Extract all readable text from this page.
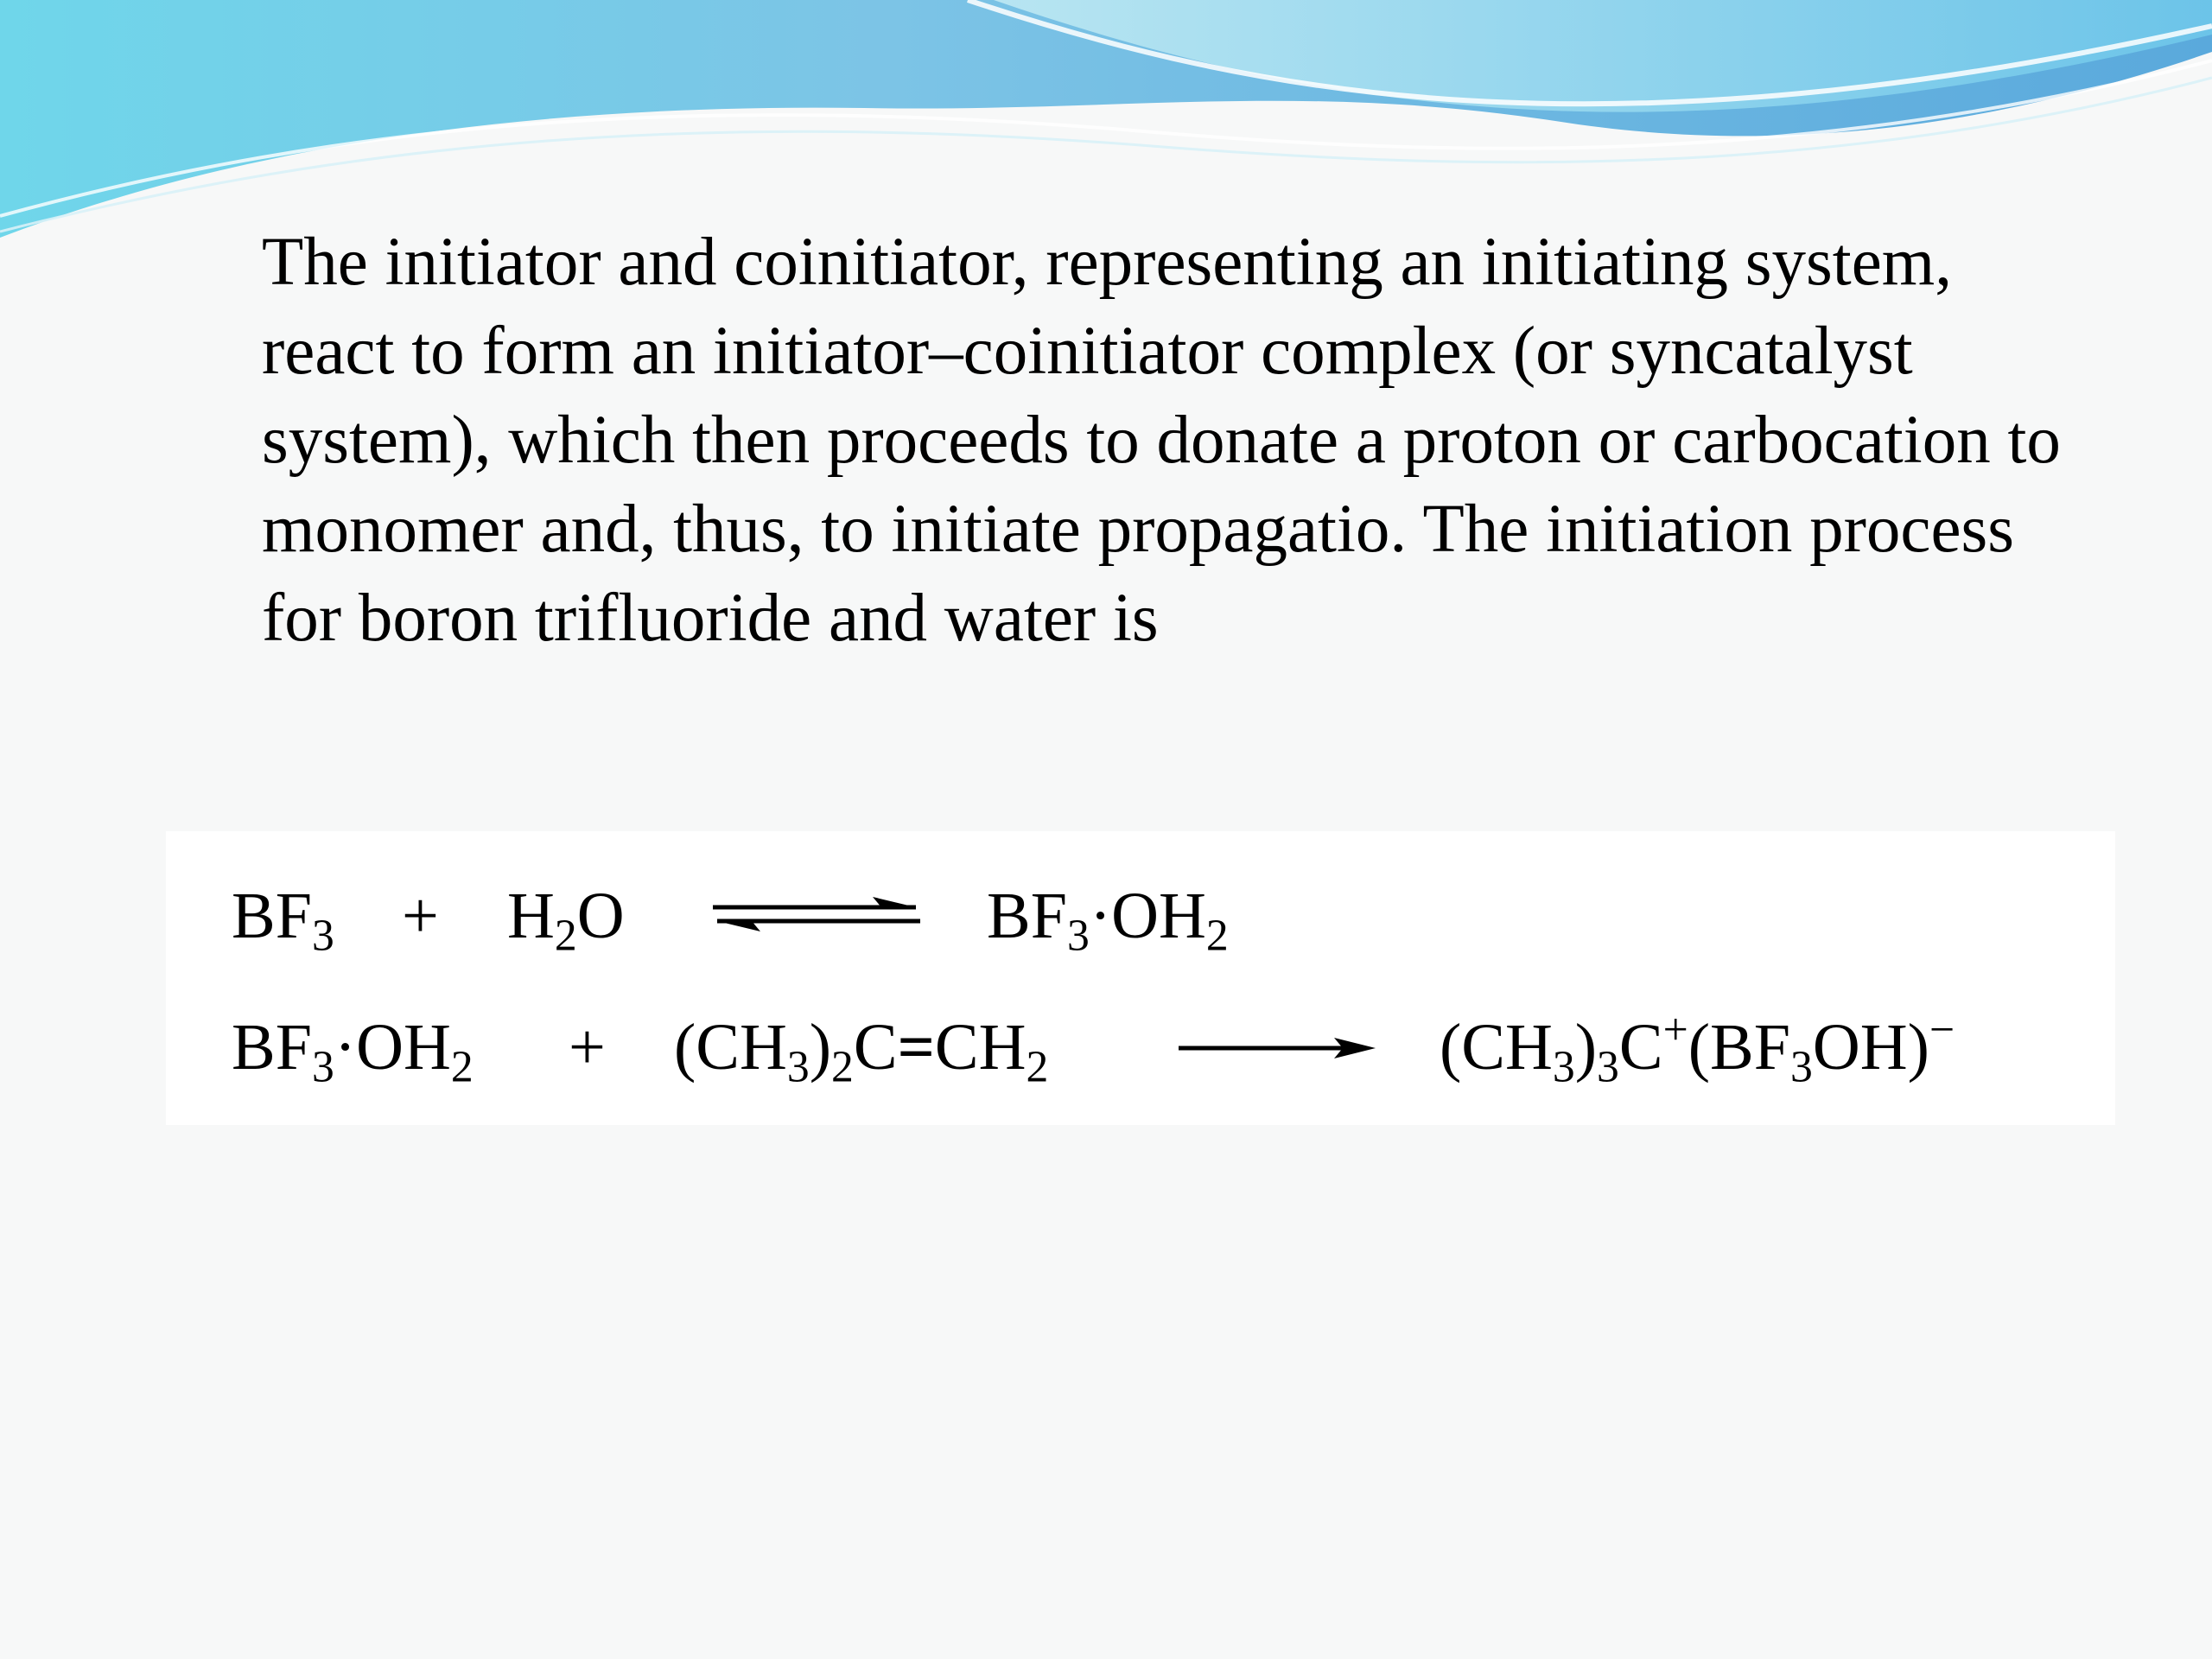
The initiator and coinitiator, representing an initiating system, react to form an initiator–coinitiator complex (or syncatalyst system), which then proceeds to donate a proton or carbocation to monomer and, thus, to initiate propagatio. The initiation process for boron trifluoride and water is

$BF_3 + H_2O$	$BF_3\cdot OH_2$
$BF_3\cdot OH_2 + (CH_3)_2C=CH_2$	$(CH_3)_3C^+(BF_3OH)^-$
